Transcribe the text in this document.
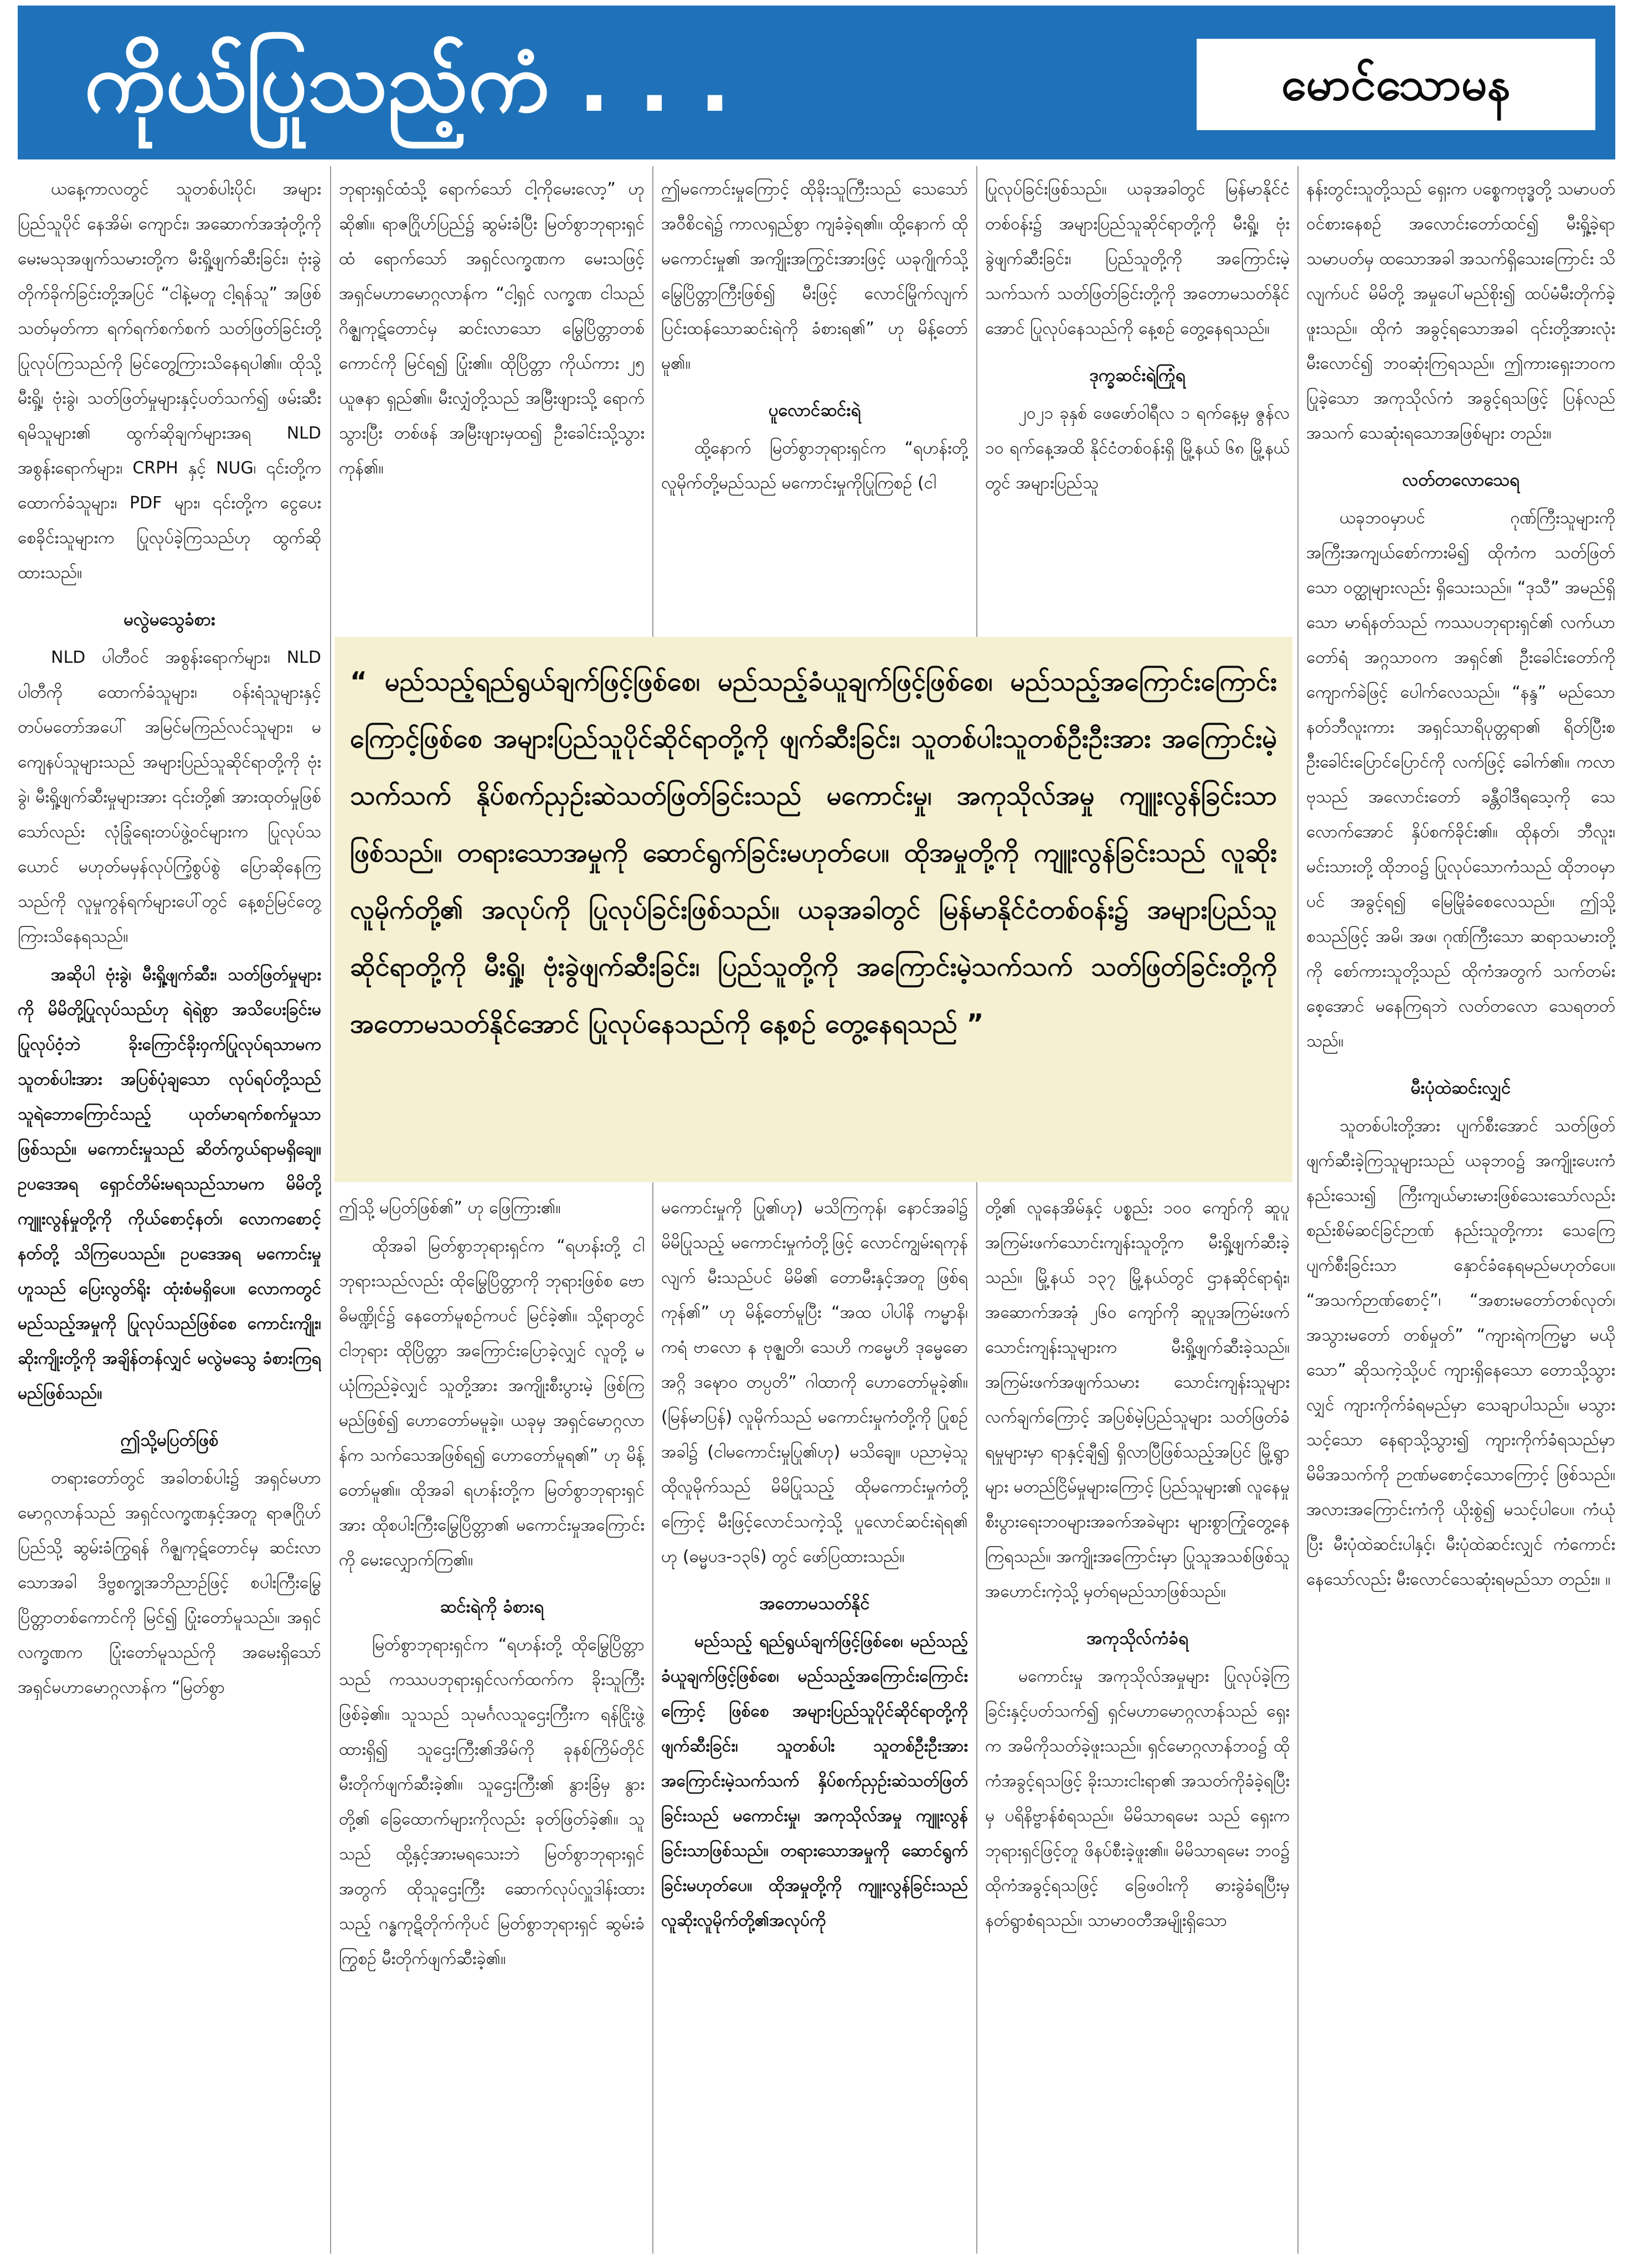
ကိုယ်ပြုသည့်ကံ . . .	မောင်သောမန

ယနေ့ကာလတွင် သူတစ်ပါးပိုင်၊ အများပြည်သူပိုင် နေအိမ်၊ ကျောင်း၊ အဆောက်အအုံတို့ကို မေးမသုအဖျက်သမားတို့က မီးရှို့ဖျက်ဆီးခြင်း၊ ဗုံးခွဲတိုက်ခိုက်ခြင်းတို့အပြင် “ငါနဲ့မတူ ငါ့ရန်သူ” အဖြစ်သတ်မှတ်ကာ ရက်ရက်စက်စက် သတ်ဖြတ်ခြင်းတို့ ပြုလုပ်ကြသည်ကို မြင်တွေ့ကြားသိနေရပါ၏။ ထိုသို့ မီးရှို့၊ ဗုံးခွဲ၊ သတ်ဖြတ်မှုများနှင့်ပတ်သက်၍ ဖမ်းဆီးရမိသူများ၏ ထွက်ဆိုချက်များအရ NLD အစွန်းရောက်များ၊ CRPH နှင့် NUG၊ ၎င်းတို့က ထောက်ခံသူများ၊ PDF များ၊ ၎င်းတို့က ငွေပေးစေခိုင်းသူများက ပြုလုပ်ခဲ့ကြသည်ဟု ထွက်ဆိုထားသည်။

မလွဲမသွေခံစား

NLD ပါတီဝင် အစွန်းရောက်များ၊ NLD ပါတီကို ထောက်ခံသူများ၊ ဝန်းရံသူများနှင့် တပ်မတော်အပေါ် အမြင်မကြည်လင်သူများ၊ မကျေနပ်သူများသည် အများပြည်သူဆိုင်ရာတို့ကို ဗုံးခွဲ၊ မီးရှို့ဖျက်ဆီးမှုများအား ၎င်းတို့၏ အားထုတ်မှုဖြစ်သော်လည်း လုံခြုံရေးတပ်ဖွဲ့ဝင်များက ပြုလုပ်သယောင် မဟုတ်မမှန်လုပ်ကြံ့စွပ်စွဲ ပြောဆိုနေကြသည်ကို လူမှုကွန်ရက်များပေါ်တွင် နေ့စဉ်မြင်တွေ့ကြားသိနေရသည်။

အဆိုပါ ဗုံးခွဲ၊ မီးရှို့ဖျက်ဆီး၊ သတ်ဖြတ်မှုများကို မိမိတို့ပြုလုပ်သည်ဟု ရဲရဲစွာ အသိပေးခြင်းမပြုလုပ်ဝံ့ဘဲ ခိုးကြောင်ခိုးဝှက်ပြုလုပ်ရသာမက သူတစ်ပါးအား အပြစ်ပုံချသော လုပ်ရပ်တို့သည် သူရဲဘောကြောင်သည့် ယုတ်မာရက်စက်မှုသာ ဖြစ်သည်။ မကောင်းမှုသည် ဆိတ်ကွယ်ရာမရှိချေ။ ဥပဒေအရ ရှောင်တိမ်းမရသည်သာမက မိမိတို့ကျူးလွန်မှုတို့ကို ကိုယ်စောင့်နတ်၊ လောကစောင့်နတ်တို့ သိကြပေသည်။ ဥပဒေအရ မကောင်းမှုဟူသည် ပြေးလွတ်ရိုး ထုံးစံမရှိပေ။ လောကတွင် မည်သည့်အမှုကို ပြုလုပ်သည်ဖြစ်စေ ကောင်းကျိုး၊ ဆိုးကျိုးတို့ကို အချိန်တန်လျှင် မလွဲမသွေ ခံစားကြရမည်ဖြစ်သည်။

ဤသို့မပြတ်ဖြစ်

တရားတော်တွင် အခါတစ်ပါး၌ အရှင်မဟာမောဂ္ဂလာန်သည် အရှင်လက္ခဏနှင့်အတူ ရာဇဂြိုဟ်ပြည်သို့ ဆွမ်းခံကြွရန် ဂိဇ္ဈကုဋ်တောင်မှ ဆင်းလာသောအခါ ဒိဗ္ဗစက္ခုအဘိညာဉ်ဖြင့် စပါးကြီးမြွေပြိတ္တာတစ်ကောင်ကို မြင်၍ ပြုံးတော်မူသည်။ အရှင်လက္ခဏက ပြုံးတော်မူသည်ကို အမေးရှိသော် အရှင်မဟာမောဂ္ဂလာန်က “မြတ်စွာ

ဘုရားရှင်ထံသို့ ရောက်သော် ငါ့ကိုမေးလော့” ဟုဆို၏။ ရာဇဂြိုဟ်ပြည်၌ ဆွမ်းခံပြီး မြတ်စွာဘုရားရှင်ထံ ရောက်သော် အရှင်လက္ခဏက မေးသဖြင့် အရှင်မဟာမောဂ္ဂလာန်က “ငါ့ရှင် လက္ခဏ ငါသည် ဂိဇ္ဈကုဋ်တောင်မှ ဆင်းလာသော မြွေပြိတ္တာတစ်ကောင်ကို မြင်ရ၍ ပြုံး၏။ ထိုပြိတ္တာ ကိုယ်ကား ၂၅ ယူဇနာ ရှည်၏။ မီးလျှံတို့သည် အမြီးဖျားသို့ ရောက်သွားပြီး တစ်ဖန် အမြီးဖျားမှထ၍ ဦးခေါင်းသို့သွားကုန်၏။

ဤသို့ မပြတ်ဖြစ်၏” ဟု ဖြေကြား၏။

ထိုအခါ မြတ်စွာဘုရားရှင်က “ရဟန်းတို့ ငါဘုရားသည်လည်း ထိုမြွေပြိတ္တာကို ဘုရားဖြစ်စ ဗောဓိမဏ္ဍိုင်၌ နေတော်မူစဉ်ကပင် မြင်ခဲ့၏။ သို့ရာတွင် ငါဘုရား ထိုပြိတ္တာ အကြောင်းပြောခဲ့လျှင် လူတို့ မယုံကြည်ခဲ့လျှင် သူတို့အား အကျိုးစီးပွားမဲ့ ဖြစ်ကြမည်ဖြစ်၍ ဟောတော်မမူခဲ့။ ယခုမှ အရှင်မောဂ္ဂလာန်က သက်သေအဖြစ်ရ၍ ဟောတော်မူရ၏” ဟု မိန့်တော်မူ၏။ ထိုအခါ ရဟန်းတို့က မြတ်စွာဘုရားရှင်အား ထိုစပါးကြီးမြွေပြိတ္တာ၏ မကောင်းမှုအကြောင်းကို မေးလျှောက်ကြ၏။

ဆင်းရဲကို ခံစားရ

မြတ်စွာဘုရားရှင်က “ရဟန်းတို့ ထိုမြွေပြိတ္တာသည် ကဿပဘုရားရှင်လက်ထက်က ခိုးသူကြီး ဖြစ်ခဲ့၏။ သူသည် သုမင်္ဂလသူဌေးကြီးက ရန်ငြိုးဖွဲ့ထားရှိ၍ သူဌေးကြီး၏အိမ်ကို ခုနစ်ကြိမ်တိုင် မီးတိုက်ဖျက်ဆီးခဲ့၏။ သူဌေးကြီး၏ နွားခြံမှ နွားတို့၏ ခြေထောက်များကိုလည်း ခုတ်ဖြတ်ခဲ့၏။ သူသည် ထို့နှင့်အားမရသေးဘဲ မြတ်စွာဘုရားရှင်အတွက် ထိုသူဌေးကြီး ဆောက်လုပ်လှူဒါန်းထားသည့် ဂန္ဓကုဋိတိုက်ကိုပင် မြတ်စွာဘုရားရှင် ဆွမ်းခံကြွစဉ် မီးတိုက်ဖျက်ဆီးခဲ့၏။

ဤမကောင်းမှုကြောင့် ထိုခိုးသူကြီးသည် သေသော်အဝီစိငရဲ၌ ကာလရှည်စွာ ကျခံခဲ့ရ၏။ ထို့နောက် ထိုမကောင်းမှု၏ အကျိုးအကြွင်းအားဖြင့် ယခုဂျိုက်သို့ မြွေပြိတ္တာကြီးဖြစ်၍ မီးဖြင့် လောင်မြိုက်လျက် ပြင်းထန်သောဆင်းရဲကို ခံစားရ၏” ဟု မိန့်တော်မူ၏။

ပူလောင်ဆင်းရဲ

ထို့နောက် မြတ်စွာဘုရားရှင်က “ရဟန်းတို့ လူမိုက်တို့မည်သည် မကောင်းမှုကိုပြုကြစဉ် (ငါ

မကောင်းမှုကို ပြု၏ဟု) မသိကြကုန်၊ နောင်အခါ၌ မိမိပြုသည့် မကောင်းမှုကံတို့ဖြင့် လောင်ကျွမ်းရကုန်လျက် မီးသည်ပင် မိမိ၏ တောမီးနှင့်အတူ ဖြစ်ရကုန်၏” ဟု မိန့်တော်မူပြီး “အထ ပါပါနိ ကမ္မာနိ၊ ကရံ ဗာလော န ဗုဇ္ဈတိ၊ သေဟိ ကမ္မေဟိ ဒုမ္မေဓော အဂ္ဂိ ဒဍ္ဎောဝ တပ္ပတိ” ဂါထာကို ဟောတော်မူခဲ့၏။ (မြန်မာပြန်) လူမိုက်သည် မကောင်းမှုကံတို့ကို ပြုစဉ်အခါ၌ (ငါမကောင်းမှုပြု၏ဟု) မသိချေ။ ပညာမဲ့သူ ထိုလူမိုက်သည် မိမိပြုသည့် ထိုမကောင်းမှုကံတို့ကြောင့် မီးဖြင့်လောင်သကဲ့သို့ ပူလောင်ဆင်းရဲရ၏ ဟု (ဓမ္မပဒ-၁၃၆) တွင် ဖော်ပြထားသည်။

အတောမသတ်နိုင်

မည်သည့် ရည်ရွယ်ချက်ဖြင့်ဖြစ်စေ၊ မည်သည့်ခံယူချက်ဖြင့်ဖြစ်စေ၊ မည်သည့်အကြောင်းကြောင်းကြောင့် ဖြစ်စေ အများပြည်သူပိုင်ဆိုင်ရာတို့ကို ဖျက်ဆီးခြင်း၊ သူတစ်ပါး သူတစ်ဦးဦးအား အကြောင်းမဲ့သက်သက် နှိပ်စက်ညှဉ်းဆဲသတ်ဖြတ်ခြင်းသည် မကောင်းမှု၊ အကုသိုလ်အမှု ကျူးလွန်ခြင်းသာဖြစ်သည်။ တရားသောအမှုကို ဆောင်ရွက်ခြင်းမဟုတ်ပေ။ ထိုအမှုတို့ကို ကျူးလွန်ခြင်းသည် လူဆိုးလူမိုက်တို့၏အလုပ်ကို

ပြုလုပ်ခြင်းဖြစ်သည်။ ယခုအခါတွင် မြန်မာနိုင်ငံတစ်ဝန်း၌ အများပြည်သူဆိုင်ရာတို့ကို မီးရှို့၊ ဗုံးခွဲဖျက်ဆီးခြင်း၊ ပြည်သူတို့ကို အကြောင်းမဲ့သက်သက် သတ်ဖြတ်ခြင်းတို့ကို အတောမသတ်နိုင်အောင် ပြုလုပ်နေသည်ကို နေ့စဉ် တွေ့နေရသည်။

ဒုက္ခဆင်းရဲကြုံရ

၂၀၂၁ ခုနှစ် ဖေဖော်ဝါရီလ ၁ ရက်နေ့မှ ဇွန်လ ၁၀ ရက်နေ့အထိ နိုင်ငံတစ်ဝန်းရှိ မြို့နယ် ၆၈ မြို့နယ်တွင် အများပြည်သူ

တို့၏ လူနေအိမ်နှင့် ပစ္စည်း ၁၀၀ ကျော်ကို ဆူပူအကြမ်းဖက်သောင်းကျန်းသူတို့က မီးရှို့ဖျက်ဆီးခဲ့သည်။ မြို့နယ် ၁၃၇ မြို့နယ်တွင် ဌာနဆိုင်ရာရုံး၊ အဆောက်အအုံ ၂၆၀ ကျော်ကို ဆူပူအကြမ်းဖက်သောင်းကျန်းသူများက မီးရှို့ဖျက်ဆီးခဲ့သည်။ အကြမ်းဖက်အဖျက်သမား သောင်းကျန်းသူများ လက်ချက်ကြောင့် အပြစ်မဲ့ပြည်သူများ သတ်ဖြတ်ခံရမှုများမှာ ရာနှင့်ချီ၍ ရှိလာပြီဖြစ်သည့်အပြင် မြို့ရွာများ မတည်ငြိမ်မှုများကြောင့် ပြည်သူများ၏ လူနေမှုစီးပွားရေးဘဝများအခက်အခဲများ များစွာကြုံတွေ့နေကြရသည်။ အကျိုးအကြောင်းမှာ ပြုသူအသစ်ဖြစ်သူအဟောင်းကဲ့သို့ မှတ်ရမည်သာဖြစ်သည်။

အကုသိုလ်ကံခံရ

မကောင်းမှု အကုသိုလ်အမှုများ ပြုလုပ်ခဲ့ကြခြင်းနှင့်ပတ်သက်၍ ရှင်မဟာမောဂ္ဂလာန်သည် ရှေးက အမိကိုသတ်ခဲ့ဖူးသည်။ ရှင်မောဂ္ဂလာန်ဘဝ၌ ထိုကံအခွင့်ရသဖြင့် ခိုးသားငါးရာ၏ အသတ်ကိုခံခဲ့ရပြီးမှ ပရိနိဗ္ဗာန်စံရသည်။ မိမိသာရမေး သည် ရှေးက ဘုရားရှင်ဖြင့်တူ ဖိနပ်စီးခဲ့ဖူး၏။ မိမိသာရမေး ဘဝ၌ ထိုကံအခွင့်ရသဖြင့် ခြေဖဝါးကို ဓားခွဲခံရပြီးမှ နတ်ရွာစံရသည်။ သာမာဝတီအမျိုးရှိသော

နန်းတွင်းသူတို့သည် ရှေးက ပစ္စေကဗုဒ္ဓတို့ သမာပတ်ဝင်စားနေစဉ် အလောင်းတော်ထင်၍ မီးရှို့ခဲ့ရာ သမာပတ်မှ ထသောအခါ အသက်ရှိသေးကြောင်း သိလျက်ပင် မိမိတို့ အမှုပေါ်မည်စိုး၍ ထပ်မံမီးတိုက်ခဲ့ဖူးသည်။ ထိုကံ အခွင့်ရသောအခါ ၎င်းတို့အားလုံး မီးလောင်၍ ဘဝဆုံးကြရသည်။ ဤကားရှေးဘဝကပြုခဲ့သော အကုသိုလ်ကံ အခွင့်ရသဖြင့် ပြန်လည်အသက် သေဆုံးရသောအဖြစ်များ တည်း။

လတ်တလောသေရ

ယခုဘဝမှာပင် ဂုဏ်ကြီးသူများကို အကြီးအကျယ်စော်ကားမိ၍ ထိုကံက သတ်ဖြတ်သော ဝတ္ထုများလည်း ရှိသေးသည်။ “ဒုသီ” အမည်ရှိသော မာရ်နတ်သည် ကဿပဘုရားရှင်၏ လက်ယာတော်ရံ အဂ္ဂသာဝက အရှင်၏ ဦးခေါင်းတော်ကို ကျောက်ခဲဖြင့် ပေါက်လေသည်။ “နန္ဒ” မည်သော နတ်ဘီလူးကား အရှင်သာရိပုတ္တရာ၏ ရိတ်ပြီးစ ဦးခေါင်းပြောင်ပြောင်ကို လက်ဖြင့် ခေါက်၏။ ကလာဗုသည် အလောင်းတော် ခန္တီဝါဒီရသေ့ကို သေလောက်အောင် နှိပ်စက်ခိုင်း၏။ ထိုနတ်၊ ဘီလူး၊ မင်းသားတို့ ထိုဘဝ၌ ပြုလုပ်သောကံသည် ထိုဘဝမှာပင် အခွင့်ရ၍ မြေမြိုခံစေလေသည်။ ဤသို့စသည်ဖြင့် အမိ၊ အဖ၊ ဂုဏ်ကြီးသော ဆရာသမားတို့ကို စော်ကားသူတို့သည် ထိုကံအတွက် သက်တမ်းစေ့အောင် မနေကြရဘဲ လတ်တလော သေရတတ်သည်။

မီးပုံထဲဆင်းလျှင်

သူတစ်ပါးတို့အား ပျက်စီးအောင် သတ်ဖြတ်ဖျက်ဆီးခဲ့ကြသူများသည် ယခုဘဝ၌ အကျိုးပေးကံနည်းသေး၍ ကြီးကျယ်မားမားဖြစ်သေးသော်လည်း စည်းစိမ်ဆင်ခြင်ဉာဏ် နည်းသူတို့ကား သေကြေပျက်စီးခြင်းသာ နှောင်ခံနေရမည်မဟုတ်ပေ။ “အသက်ဉာဏ်စောင့်”၊ “အစားမတော်တစ်လုတ်၊ အသွားမတော် တစ်မှုတ်” “ကျားရဲကကြမ္မာ မယိုသော” ဆိုသကဲ့သို့ပင် ကျားရှိနေသော တောသို့သွားလျှင် ကျားကိုက်ခံရမည်မှာ သေချာပါသည်။ မသွားသင့်သော နေရာသို့သွား၍ ကျားကိုက်ခံရသည်မှာ မိမိအသက်ကို ဉာဏ်မစောင့်သောကြောင့် ဖြစ်သည်။ အလားအကြောင်းကံကို ယိုးစွဲ၍ မသင့်ပါပေ။ ကံယုံပြီး မီးပုံထဲဆင်းပါနှင့်၊ မီးပုံထဲဆင်းလျှင် ကံကောင်းနေသော်လည်း မီးလောင်သေဆုံးရမည်သာ တည်း။ ။

“ မည်သည့်ရည်ရွယ်ချက်ဖြင့်ဖြစ်စေ၊ မည်သည့်ခံယူချက်ဖြင့်ဖြစ်စေ၊ မည်သည့်အကြောင်းကြောင်းကြောင့်ဖြစ်စေ အများပြည်သူပိုင်ဆိုင်ရာတို့ကို ဖျက်ဆီးခြင်း၊ သူတစ်ပါးသူတစ်ဦးဦးအား အကြောင်းမဲ့သက်သက် နိုပ်စက်ညှဉ်းဆဲသတ်ဖြတ်ခြင်းသည် မကောင်းမှု၊ အကုသိုလ်အမှု ကျူးလွန်ခြင်းသာဖြစ်သည်။ တရားသောအမှုကို ဆောင်ရွက်ခြင်းမဟုတ်ပေ။ ထိုအမှုတို့ကို ကျူးလွန်ခြင်းသည် လူဆိုးလူမိုက်တို့၏ အလုပ်ကို ပြုလုပ်ခြင်းဖြစ်သည်။ ယခုအခါတွင် မြန်မာနိုင်ငံတစ်ဝန်း၌ အများပြည်သူဆိုင်ရာတို့ကို မီးရှို့၊ ဗုံးခွဲဖျက်ဆီးခြင်း၊ ပြည်သူတို့ကို အကြောင်းမဲ့သက်သက် သတ်ဖြတ်ခြင်းတို့ကို အတောမသတ်နိုင်အောင် ပြုလုပ်နေသည်ကို နေ့စဉ် တွေ့နေရသည် ”
